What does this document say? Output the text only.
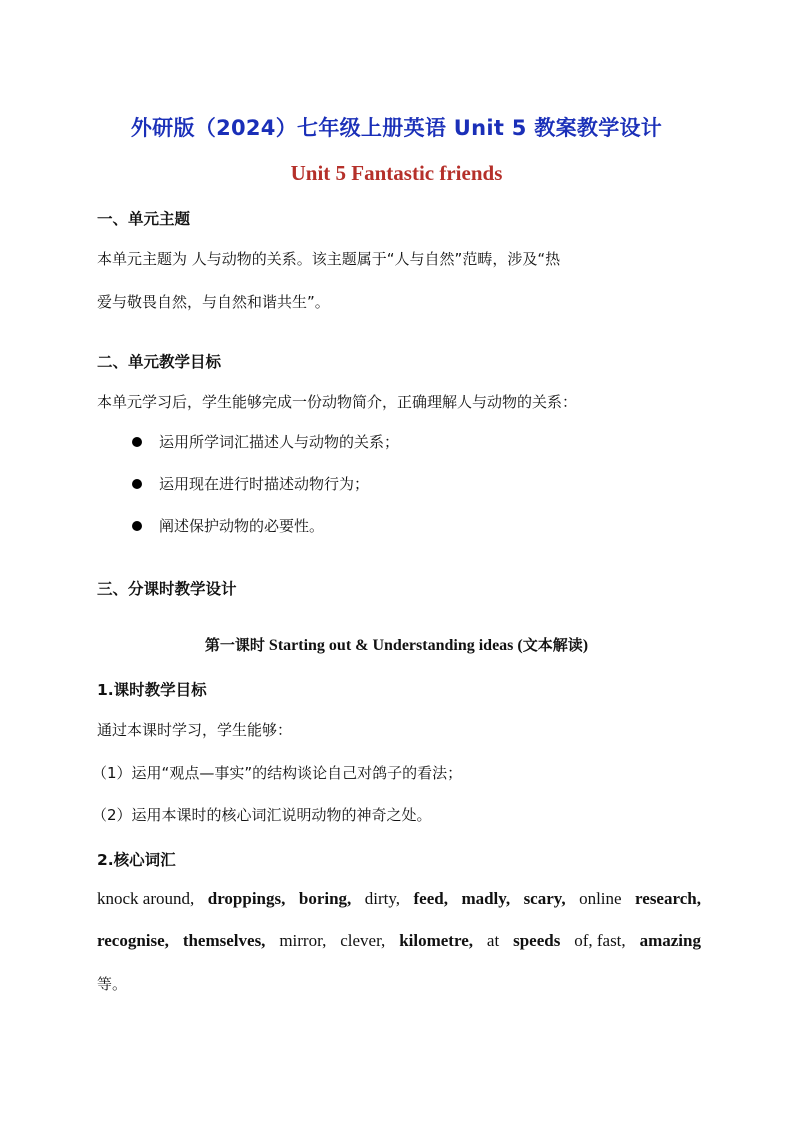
外研版（2024）七年级上册英语 Unit 5 教案教学设计
Unit 5 Fantastic friends
一、单元主题
本单元主题为 人与动物的关系。该主题属于“人与自然”范畴，涉及“热
爱与敬畏自然，与自然和谐共生”。
二、单元教学目标
本单元学习后，学生能够完成一份动物简介，正确理解人与动物的关系：
运用所学词汇描述人与动物的关系；
运用现在进行时描述动物行为；
阐述保护动物的必要性。
三、分课时教学设计
第一课时 Starting out & Understanding ideas (文本解读)
1.课时教学目标
通过本课时学习，学生能够：
（1）运用“观点—事实”的结构谈论自己对鸽子的看法；
（2）运用本课时的核心词汇说明动物的神奇之处。
2.核心词汇
knock around, droppings, boring, dirty, feed, madly, scary, online research,
recognise, themselves, mirror, clever, kilometre, at speeds of, fast, amazing
等。
